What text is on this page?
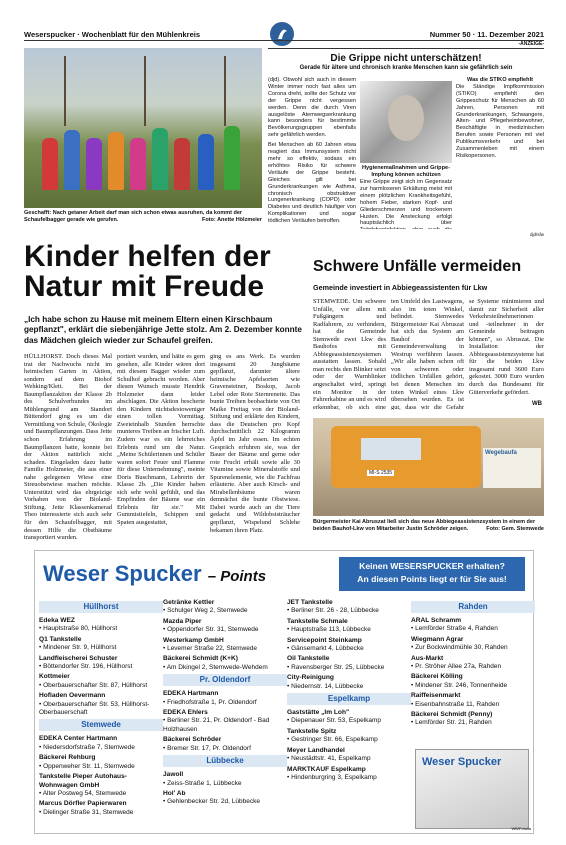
Weserspucker · Wochenblatt für den Mühlenkreis	Nummer 50 · 11. Dezember 2021
Geschafft: Nach getaner Arbeit darf man sich schon etwas ausruhen, da kommt der Schaufelbagger gerade wie gerufen.	Foto: Anette Hölzmeier
-ANZEIGE-
Die Grippe nicht unterschätzen!
Gerade für ältere und chronisch kranke Menschen kann sie gefährlich sein
(djd). Obwohl sich auch in diesem Winter immer noch fast alles um Corona dreht, sollte der Schutz vor der Grippe nicht vergessen werden. Denn die durch Viren ausgelöste Atemwegserkrankung kann besonders für bestimmte Bevölkerungsgruppen ebenfalls sehr gefährlich werden.
Bei Menschen ab 60 Jahren etwa reagiert das Immunsystem nicht mehr so effektiv, sodass ein erhöhtes Risiko für schwere Verläufe der Grippe besteht. Gleiches gilt bei Grunderkrankungen wie Asthma, chronisch obstruktiver Lungenerkrankung (COPD) oder Diabetes und deutlich häufiger von Komplikationen und sogar tödlichen Verläufen betroffen.
Hygienemaßnahmen und Grippe-Impfung können schützen
Eine Grippe zeigt sich im Gegensatz zur harmloseren Erkältung meist mit einem plötzlichen Krankheitsgefühl, hohem Fieber, starken Kopf- und Gliederschmerzen und trockenem Husten. Die Ansteckung erfolgt hauptsächlich über
Was die STIKO empfiehlt
Die Ständige Impfkommission (STIKO) empfiehlt den Grippeschutz für Menschen ab 60 Jahren, Personen mit Grunderkrankungen, Schwangere, Alten- und Pflegeheimbewohner, Beschäftigte in medizinischen Berufen sowie Personen mit viel Publikumsverkehr und bei Zusammenleben mit einem Risikopersonen.
djd/sfw
Kinder helfen der Natur mit Freude
„Ich habe schon zu Hause mit meinem Eltern einen Kirschbaum gepflanzt", erklärt die siebenjährige Jette stolz. Am 2. Dezember konnte das Mädchen gleich wieder zur Schaufel greifen.
HÜLLHORST. Doch dieses Mal trat der Nachwuchs nicht im heimischen Garten in Aktion, sondern auf dem Biohof Wehking/Klett. Bei der Baumpflanzaktion der Klasse 2b des Schulverbundes im Mühlengrund am Standort Büttendorf ging es um die Vermittlung von Schule, Ökologie und Baumpflanzungen. Dass Jette schon Erfahrung im Baumpflanzen hatte, konnte bei der Aktion natürlich nicht schaden. Eingeladen dazu hatte Familie Holzmeier, die aus einer nahe gelegenen Wiese eine Streuobstwiese machen möchte. Unterstützt wird das ehrgeizige Vorhaben von der Bioland-Stiftung. Jette Klassenkamerad Theo interessierte sich auch sehr für den Schaufelbagger, mit dessen Hilfe die Obstbäume transportiert wurden.
portiert wurden, und hätte es gern gesehen, alle Kinder wären dort mit diesem Bagger wieder zum Schulhof gebracht worden. Aber diesen Wunsch musste Hendrik Holzmeier dann leider abschlagen. Die Aktion bescherte den Kindern nichtsdestoweniger einen tollen Vormittag. Zweieinhalb Stunden herrschte munteres Treiben an frischer Luft. Zudem war es ein lehrreiches Erlebnis rund um die Natur. „Meine Schülerinnen und Schüler waren sofort Feuer und Flamme für diese Unternehmung", meinte Doris Buschmann, Lehrerin der Klasse 2b. „Die Kinder haben sich sehr wohl gefühlt, und das Empfinden der Bäume war ein Erlebnis für sie." Mit Gummistiefeln, Schippen und Spaten ausgestattet,
ging es ans Werk. Es wurden insgesamt 20 Jungbäume gepflanzt, darunter ältere heimische Apfelsorten wie Gravensteiner, Boskop, Jacob Lebel oder Rote Sternrenette. Das bunte Treiben beobachtete von Ort Maike Freitag von der Bioland-Stiftung und erklärte den Kindern, dass die Deutschen pro Kopf durchschnittlich 22 Kilogramm Äpfel im Jahr essen. Im echten Gespräch erfuhren sie, was der Bauer der Bäume und gerne oder rote Frucht erhält sowie alle 30 Vitamine sowie Mineralstoffe und Spurenelemente, wie die Fachfrau erläuterte. Aber auch Kirsch- und Mirabellenbäume waren demnächst die bunte Obstwiese. Dabei wurde auch an die Tiere gedacht und Wildobststräucher gepflanzt, Wispelund Schlehe bekamen ihren Platz.
Schwere Unfälle vermeiden
Gemeinde investiert in Abbiegeassistenten für Lkw
STEMWEDE. Um schwere Unfälle, vor allem mit Fußgängern und Radfahrern, zu verhindern, hat die Gemeinde Stemwede zwei Lkw des Bauhofes mit Abbiegeassistenzsystemen ausstatten lassen. Sobald man rechts den Blinker setzt oder der Warnblinker angeschaltet wird, springt ein Monitor in der Fahrerkabine an und es wird erkennbar, ob sich eine
ten Umfeld des Lastwagens, also im toten Winkel, befindet. Stemwedes Bürgermeister Kai Abruszat hat sich das System am Bauhof der Gemeindeverwaltung in Westrup vorführen lassen. „Wir alle haben schon oft von schweren oder tödlichen Unfällen gehört, bei denen Menschen im toten Winkel eines Lkw übersehen wurden. Es ist gut, dass wir die Gefahr
se Systeme minimieren und damit zur Sicherheit aller Verkehrsteilnehmerinnen und -teilnehmer in der Gemeinde beitragen können", so Abruszat. Die Installation der Abbiegeassistenzsysteme hat für die beiden Lkw insgesamt rund 3600 Euro gekostet. 3000 Euro wurden durch das Bundesamt für Güterverkehr gefördert.
WB
MI-S 2535
Wegebaufa
Bürgermeister Kai Abruszat ließ sich das neue Abbiegeassistenzsystem in einem der beiden Bauhof-Lkw von Mitarbeiter Justin Schröder zeigen.	Foto: Gem. Stemwede
Weser Spucker – Points
Keinen WESERSPUCKER erhalten?
An diesen Points liegt er für Sie aus!
Hüllhorst
Edeka WEZ
• Hauptstraße 80, Hüllhorst
Q1 Tankstelle
• Mindener Str. 9, Hüllhorst
Landfleischerei Schuster
• Böttendorfer Str. 196, Hüllhorst
Kottmeier
• Oberbauerschafter Str. 87, Hüllhorst
Hofladen Oevermann
• Oberbauerschafter Str. 53, Hüllhorst-Oberbauerschaft
Stemwede
EDEKA Center Hartmann
• Niedersdorfstraße 7, Stemwede
Bäckerei Rehburg
• Oppenweher Str. 11, Stemwede
Tankstelle Pieper Autohaus-Wohnwagen GmbH
• Alter Postweg 54, Stemwede
Marcus Dörfler Papierwaren
• Dielinger Straße 31, Stemwede
Getränke Kettler
• Schulger Weg 2, Stemwede
Mazda Piper
• Oppendorfer Str. 31, Stemwede
Westerkamp GmbH
• Levemer Straße 22, Stemwede
Bäckerei Schmidt (K+K)
• Am Dkingel 2, Stemwede-Wehdem
Pr. Oldendorf
EDEKA Hartmann
• Friedhofstraße 1, Pr. Oldendorf
EDEKA Ehlers
• Berliner Str. 21, Pr. Oldendorf - Bad Holzhausen
Bäckerei Schröder
• Bremer Str. 17, Pr. Oldendorf
Lübbecke
Jawoll
• Zeiss-Straße 1, Lübbecke
Hol' Ab
• Gehlenbecker Str. 2d, Lübbecke
JET Tankstelle
• Berliner Str. 26 - 28, Lübbecke
Tankstelle Schmale
• Hauptstraße 113, Lübbecke
Servicepoint Steinkamp
• Gänsemarkt 4, Lübbecke
Oil Tankstelle
• Ravensberger Str. 25, Lübbecke
City-Reinigung
• Niedernstr. 14, Lübbecke
Espelkamp
Gaststätte „Im Loh"
• Diepenauer Str. 53, Espelkamp
Tankstelle Spitz
• Gestringer Str. 66, Espelkamp
Meyer Landhandel
• Neustädtstr. 41, Espelkamp
MARKTKAUF Espelkamp
• Hindenburgring 3, Espelkamp
Rahden
ARAL Schramm
• Lemförder Straße 4, Rahden
Wiegmann Agrar
• Zur Bockwindmühle 30, Rahden
Aus-Markt
• Pr. Ströher Allee 27a, Rahden
Bäckerei Kölling
• Mindener Str. 246, Tonnenheide
Raiffeisenmarkt
• Eisenbahnstraße 11, Rahden
Bäckerei Schmidt (Penny)
• Lemförder Str. 21, Rahden
Weser Spucker
WB/Fotolia
